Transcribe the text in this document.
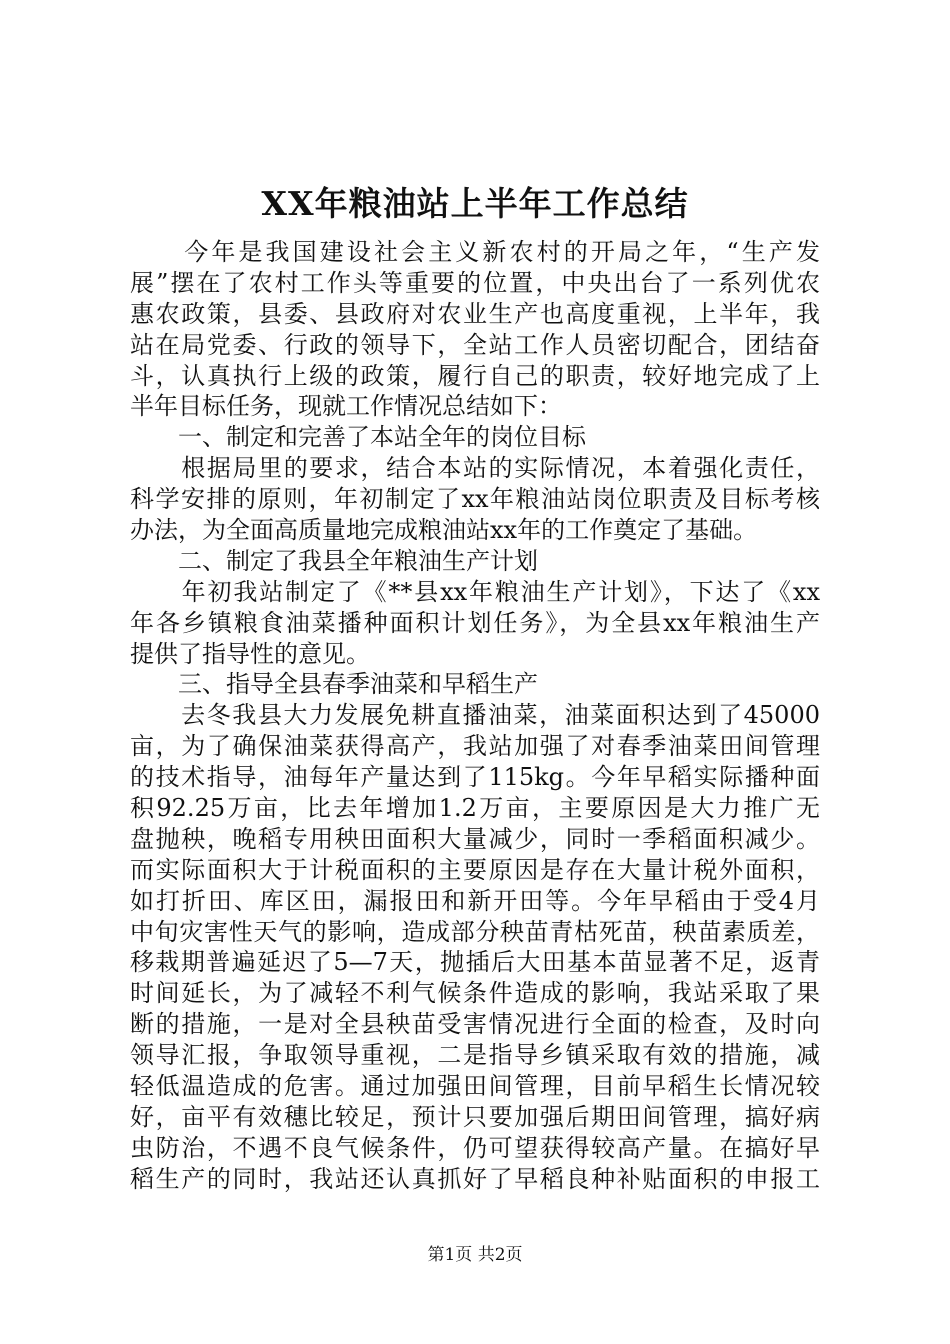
XX年粮油站上半年工作总结
　　今年是我国建设社会主义新农村的开局之年，“生产发
展”摆在了农村工作头等重要的位置，中央出台了一系列优农
惠农政策，县委、县政府对农业生产也高度重视，上半年，我
站在局党委、行政的领导下，全站工作人员密切配合，团结奋
斗，认真执行上级的政策，履行自己的职责，较好地完成了上
半年目标任务，现就工作情况总结如下：
　　一、制定和完善了本站全年的岗位目标
　　根据局里的要求，结合本站的实际情况，本着强化责任，
科学安排的原则，年初制定了xx年粮油站岗位职责及目标考核
办法，为全面高质量地完成粮油站xx年的工作奠定了基础。
　　二、制定了我县全年粮油生产计划
　　年初我站制定了《**县xx年粮油生产计划》，下达了《xx
年各乡镇粮食油菜播种面积计划任务》，为全县xx年粮油生产
提供了指导性的意见。
　　三、指导全县春季油菜和早稻生产
　　去冬我县大力发展免耕直播油菜，油菜面积达到了45000
亩，为了确保油菜获得高产，我站加强了对春季油菜田间管理
的技术指导，油每年产量达到了115kg。今年早稻实际播种面
积92.25万亩，比去年增加1.2万亩，主要原因是大力推广无
盘抛秧，晚稻专用秧田面积大量减少，同时一季稻面积减少。
而实际面积大于计税面积的主要原因是存在大量计税外面积，
如打折田、库区田，漏报田和新开田等。今年早稻由于受4月
中旬灾害性天气的影响，造成部分秧苗青枯死苗，秧苗素质差，
移栽期普遍延迟了5—7天，抛插后大田基本苗显著不足，返青
时间延长，为了减轻不利气候条件造成的影响，我站采取了果
断的措施，一是对全县秧苗受害情况进行全面的检查，及时向
领导汇报，争取领导重视，二是指导乡镇采取有效的措施，减
轻低温造成的危害。通过加强田间管理，目前早稻生长情况较
好，亩平有效穗比较足，预计只要加强后期田间管理，搞好病
虫防治，不遇不良气候条件，仍可望获得较高产量。在搞好早
稻生产的同时，我站还认真抓好了早稻良种补贴面积的申报工
第1页 共2页
